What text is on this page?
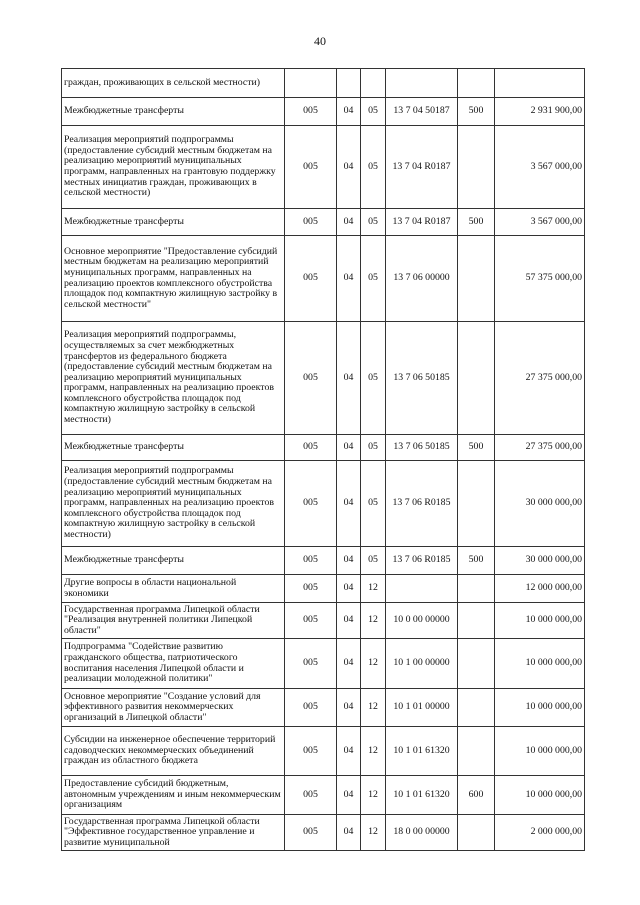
40
граждан, проживающих в сельской местности)						
Межбюджетные трансферты	005	04	05	13 7 04 50187	500	2 931 900,00
Реализация мероприятий подпрограммы (предоставление субсидий местным бюджетам на реализацию мероприятий муниципальных программ, направленных на грантовую поддержку местных инициатив граждан, проживающих в сельской местности)	005	04	05	13 7 04 R0187		3 567 000,00
Межбюджетные трансферты	005	04	05	13 7 04 R0187	500	3 567 000,00
Основное мероприятие "Предоставление субсидий местным бюджетам на реализацию мероприятий муниципальных программ, направленных на реализацию проектов комплексного обустройства площадок под компактную жилищную застройку в сельской местности"	005	04	05	13 7 06 00000		57 375 000,00
Реализация мероприятий подпрограммы, осуществляемых за счет межбюджетных трансфертов из федерального бюджета (предоставление субсидий местным бюджетам на реализацию мероприятий муниципальных программ, направленных на реализацию проектов комплексного обустройства площадок под компактную жилищную застройку в сельской местности)	005	04	05	13 7 06 50185		27 375 000,00
Межбюджетные трансферты	005	04	05	13 7 06 50185	500	27 375 000,00
Реализация мероприятий подпрограммы (предоставление субсидий местным бюджетам на реализацию мероприятий муниципальных программ, направленных на реализацию проектов комплексного обустройства площадок под компактную жилищную застройку в сельской местности)	005	04	05	13 7 06 R0185		30 000 000,00
Межбюджетные трансферты	005	04	05	13 7 06 R0185	500	30 000 000,00
Другие вопросы в области национальной экономики	005	04	12			12 000 000,00
Государственная программа Липецкой области "Реализация внутренней политики Липецкой области"	005	04	12	10 0 00 00000		10 000 000,00
Подпрограмма "Содействие развитию гражданского общества, патриотического воспитания населения Липецкой области и реализации молодежной политики"	005	04	12	10 1 00 00000		10 000 000,00
Основное мероприятие "Создание условий для эффективного развития некоммерческих организаций в Липецкой области"	005	04	12	10 1 01 00000		10 000 000,00
Субсидии на инженерное обеспечение территорий садоводческих некоммерческих объединений граждан из областного бюджета	005	04	12	10 1 01 61320		10 000 000,00
Предоставление субсидий бюджетным, автономным учреждениям и иным некоммерческим организациям	005	04	12	10 1 01 61320	600	10 000 000,00
Государственная программа Липецкой области "Эффективное государственное управление и развитие муниципальной	005	04	12	18 0 00 00000		2 000 000,00
